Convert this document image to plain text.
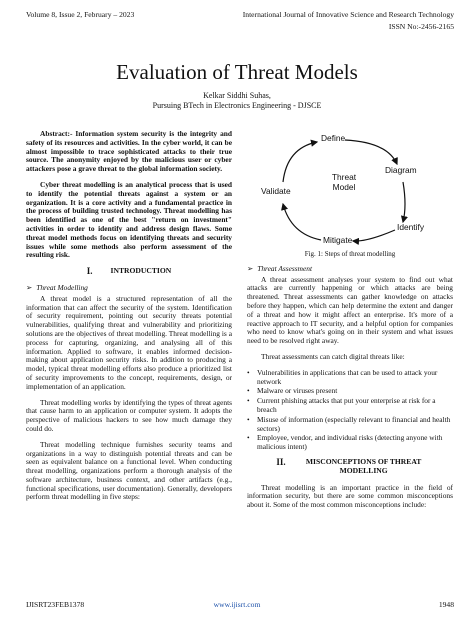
Volume 8, Issue 2, February – 2023	International Journal of Innovative Science and Research Technology
ISSN No:-2456-2165
Evaluation of Threat Models
Kelkar Siddhi Suhas,
Pursuing BTech in Electronics Engineering - DJSCE

Abstract:- Information system security is the integrity and safety of its resources and activities. In the cyber world, it can be almost impossible to trace sophisticated attacks to their true source. The anonymity enjoyed by the malicious user or cyber attackers pose a grave threat to the global information society.

Cyber threat modelling is an analytical process that is used to identify the potential threats against a system or an organization. It is a core activity and a fundamental practice in the process of building trusted technology. Threat modelling has been identified as one of the best "return on investment" activities in order to identify and address design flaws. Some threat model methods focus on identifying threats and security issues while some methods also perform assessment of the resulting risk.

I. INTRODUCTION
➢ Threat Modelling

A threat model is a structured representation of all the information that can affect the security of the system. Identification of security requirement, pointing out security threats potential vulnerabilities, qualifying threat and vulnerability and prioritizing solutions are the objectives of threat modelling. Threat modelling is a process for capturing, organizing, and analysing all of this information. Applied to software, it enables informed decision-making about application security risks. In addition to producing a model, typical threat modelling efforts also produce a prioritized list of security improvements to the concept, requirements, design, or implementation of an application.

Threat modelling works by identifying the types of threat agents that cause harm to an application or computer system. It adopts the perspective of malicious hackers to see how much damage they could do.

Threat modelling technique furnishes security teams and organizations in a way to distinguish potential threats and can be seen as equivalent balance on a functional level. When conducting threat modelling, organizations perform a thorough analysis of the software architecture, business context, and other artifacts (e.g., functional specifications, user documentation). Generally, developers perform threat modelling in five steps:

Define
Diagram
Identify
Mitigate
Validate
Threat Model
Fig. 1: Steps of threat modelling
➢ Threat Assessment

A threat assessment analyses your system to find out what attacks are currently happening or which attacks are being threatened. Threat assessments can gather knowledge on attacks before they happen, which can help determine the extent and danger of a threat and how it might affect an enterprise. It's more of a reactive approach to IT security, and a helpful option for companies who need to know what's going on in their system and what issues need to be resolved right away.

Threat assessments can catch digital threats like:

• Vulnerabilities in applications that can be used to attack your network
• Malware or viruses present
• Current phishing attacks that put your enterprise at risk for a breach
• Misuse of information (especially relevant to financial and health sectors)
• Employee, vendor, and individual risks (detecting anyone with malicious intent)
II.	MISCONCEPTIONS OF THREAT MODELLING

Threat modelling is an important practice in the field of information security, but there are some common misconceptions about it. Some of the most common misconceptions include:

IJISRT23FEB1378	www.ijisrt.com	1948
